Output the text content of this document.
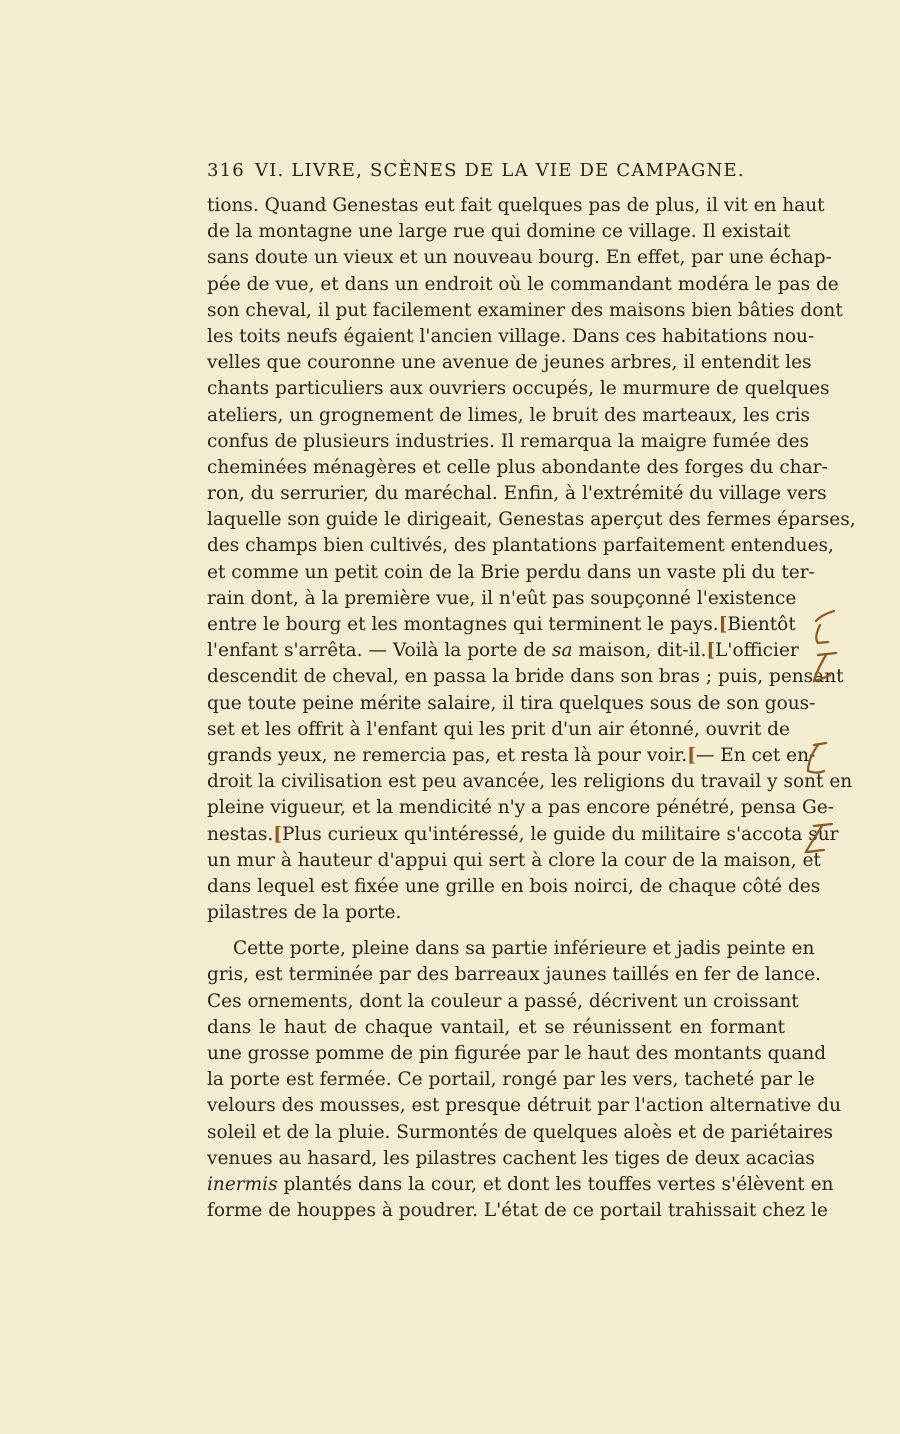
316 VI. LIVRE, SCÈNES DE LA VIE DE CAMPAGNE.
tions. Quand Genestas eut fait quelques pas de plus, il vit en haut
de la montagne une large rue qui domine ce village. Il existait
sans doute un vieux et un nouveau bourg. En effet, par une échap-
pée de vue, et dans un endroit où le commandant modéra le pas de
son cheval, il put facilement examiner des maisons bien bâties dont
les toits neufs égaient l'ancien village. Dans ces habitations nou-
velles que couronne une avenue de jeunes arbres, il entendit les
chants particuliers aux ouvriers occupés, le murmure de quelques
ateliers, un grognement de limes, le bruit des marteaux, les cris
confus de plusieurs industries. Il remarqua la maigre fumée des
cheminées ménagères et celle plus abondante des forges du char-
ron, du serrurier, du maréchal. Enfin, à l'extrémité du village vers
laquelle son guide le dirigeait, Genestas aperçut des fermes éparses,
des champs bien cultivés, des plantations parfaitement entendues,
et comme un petit coin de la Brie perdu dans un vaste pli du ter-
rain dont, à la première vue, il n'eût pas soupçonné l'existence
entre le bourg et les montagnes qui terminent le pays.[Bientôt
l'enfant s'arrêta. — Voilà la porte de sa maison, dit-il.[L'officier
descendit de cheval, en passa la bride dans son bras ; puis, pensant
que toute peine mérite salaire, il tira quelques sous de son gous-
set et les offrit à l'enfant qui les prit d'un air étonné, ouvrit de
grands yeux, ne remercia pas, et resta là pour voir.[— En cet en-
droit la civilisation est peu avancée, les religions du travail y sont en
pleine vigueur, et la mendicité n'y a pas encore pénétré, pensa Ge-
nestas.[Plus curieux qu'intéressé, le guide du militaire s'accota sur
un mur à hauteur d'appui qui sert à clore la cour de la maison, et
dans lequel est fixée une grille en bois noirci, de chaque côté des
pilastres de la porte.
Cette porte, pleine dans sa partie inférieure et jadis peinte en
gris, est terminée par des barreaux jaunes taillés en fer de lance.
Ces ornements, dont la couleur a passé, décrivent un croissant
dans le haut de chaque vantail, et se réunissent en formant
une grosse pomme de pin figurée par le haut des montants quand
la porte est fermée. Ce portail, rongé par les vers, tacheté par le
velours des mousses, est presque détruit par l'action alternative du
soleil et de la pluie. Surmontés de quelques aloès et de pariétaires
venues au hasard, les pilastres cachent les tiges de deux acacias
inermis plantés dans la cour, et dont les touffes vertes s'élèvent en
forme de houppes à poudrer. L'état de ce portail trahissait chez le
